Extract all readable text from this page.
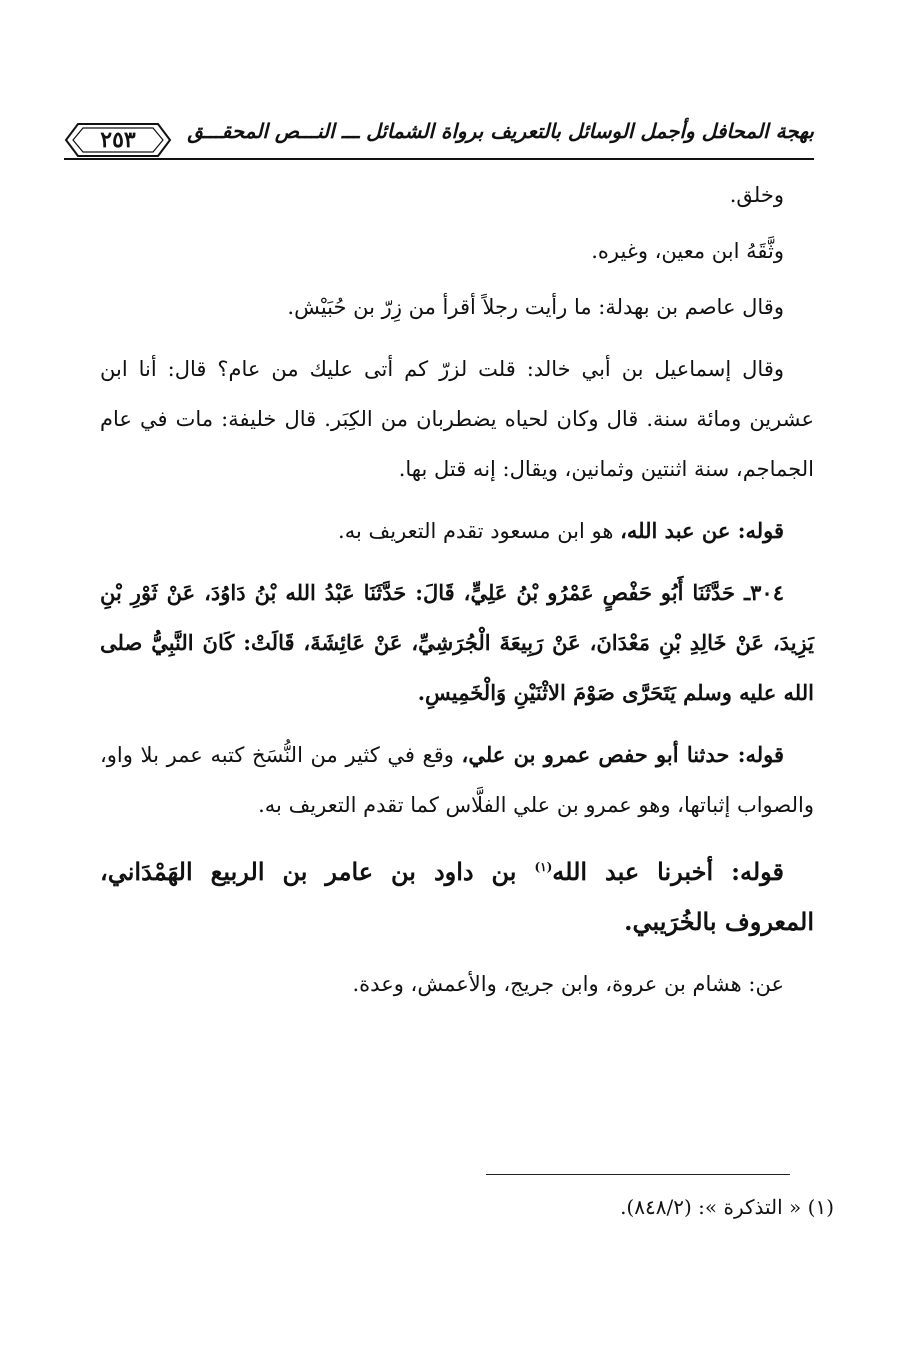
بهجة المحافل وأجمل الوسائل بالتعريف برواة الشمائل ـــ النـــص المحقـــق
٢٥٣

وخلق.

وثَّقَهُ ابن معين، وغيره.

وقال عاصم بن بهدلة: ما رأيت رجلاً أقرأ من زِرّ بن حُبَيْش.

وقال إسماعيل بن أبي خالد: قلت لزرّ كم أتى عليك من عام؟ قال: أنا ابن عشرين ومائة سنة. قال وكان لحياه يضطربان من الكِبَر. قال خليفة: مات في عام الجماجم، سنة اثنتين وثمانين، ويقال: إنه قتل بها.

قوله: عن عبد الله، هو ابن مسعود تقدم التعريف به.

٣٠٤ـ حَدَّثَنَا أَبُو حَفْصٍ عَمْرُو بْنُ عَلِيٍّ، قَالَ: حَدَّثَنَا عَبْدُ الله بْنُ دَاوُدَ، عَنْ ثَوْرِ بْنِ يَزِيدَ، عَنْ خَالِدِ بْنِ مَعْدَانَ، عَنْ رَبِيعَةَ الْجُرَشِيِّ، عَنْ عَائِشَةَ، قَالَتْ: كَانَ النَّبِيُّ صلى الله عليه وسلم يَتَحَرَّى صَوْمَ الاثْنَيْنِ وَالْخَمِيسِ.

قوله: حدثنا أبو حفص عمرو بن علي، وقع في كثير من النُّسَخ كتبه عمر بلا واو، والصواب إثباتها، وهو عمرو بن علي الفلَّاس كما تقدم التعريف به.

قوله: أخبرنا عبد الله$^{(١)}$ بن داود بن عامر بن الربيع الهَمْدَاني، المعروف بالخُرَيبي.

عن: هشام بن عروة، وابن جريج، والأعمش، وعدة.

(١) « التذكرة »: (٨٤٨/٢).
